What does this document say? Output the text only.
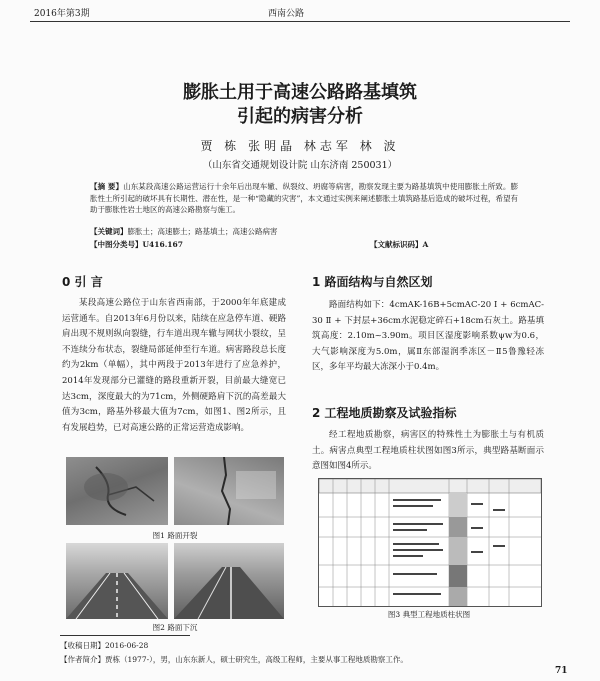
2016年第3期	西南公路
膨胀土用于高速公路路基填筑
引起的病害分析
贾 栋 张明晶 林志军 林 波
（山东省交通规划设计院 山东济南 250031）
【摘 要】山东某段高速公路运营运行十余年后出现车辙、纵裂纹、坍腐等病害，勘察发现主要为路基填筑中使用膨胀土所致。膨胀性土所引起的破坏具有长期性、潜在性，是一种“隐藏的灾害”，本文通过实例来阐述膨胀土填筑路基后造成的破坏过程，希望有助于膨胀性岩土地区的高速公路勘察与施工。
【关键词】膨胀土；高速膨土；路基填土；高速公路病害
【中图分类号】U416.167	【文献标识码】A
0 引 言
某段高速公路位于山东省西南部，于2000年年底建成运营通车。自2013年6月份以来，陆续在应急停车道、硬路肩出现不规则纵向裂缝，行车道出现车辙与网状小裂纹，呈不连续分布状态，裂缝局部延伸至行车道。病害路段总长度约为2km（单幅），其中两段于2013年进行了应急养护，2014年发现部分已灌缝的路段重新开裂，目前最大缝宽已达3cm，深度最大的为71cm，外侧硬路肩下沉的高差最大值为3cm，路基外移最大值为7cm，如图1、图2所示，且有发展趋势，已对高速公路的正常运营造成影响。
图1 路面开裂
图2 路面下沉
1 路面结构与自然区划
路面结构如下：4cmAK-16B+5cmAC-20 Ⅰ + 6cmAC-30 Ⅱ + 下封层+36cm水泥稳定碎石+18cm石灰土。路基填筑高度：2.10m~3.90m。项目区湿度影响系数ψw为0.6，大气影响深度为5.0m，属Ⅱ东部湿润季冻区－Ⅱ5鲁豫轻冻区，多年平均最大冻深小于0.4m。
2 工程地质勘察及试验指标
经工程地质勘察，病害区的特殊性土为膨胀土与有机质土。病害点典型工程地质柱状图如图3所示，典型路基断面示意图如图4所示。
图3 典型工程地质柱状图
【收稿日期】2016-06-28
【作者简介】贾栋（1977-），男，山东东新人，硕士研究生，高级工程师，主要从事工程地质勘察工作。
71
